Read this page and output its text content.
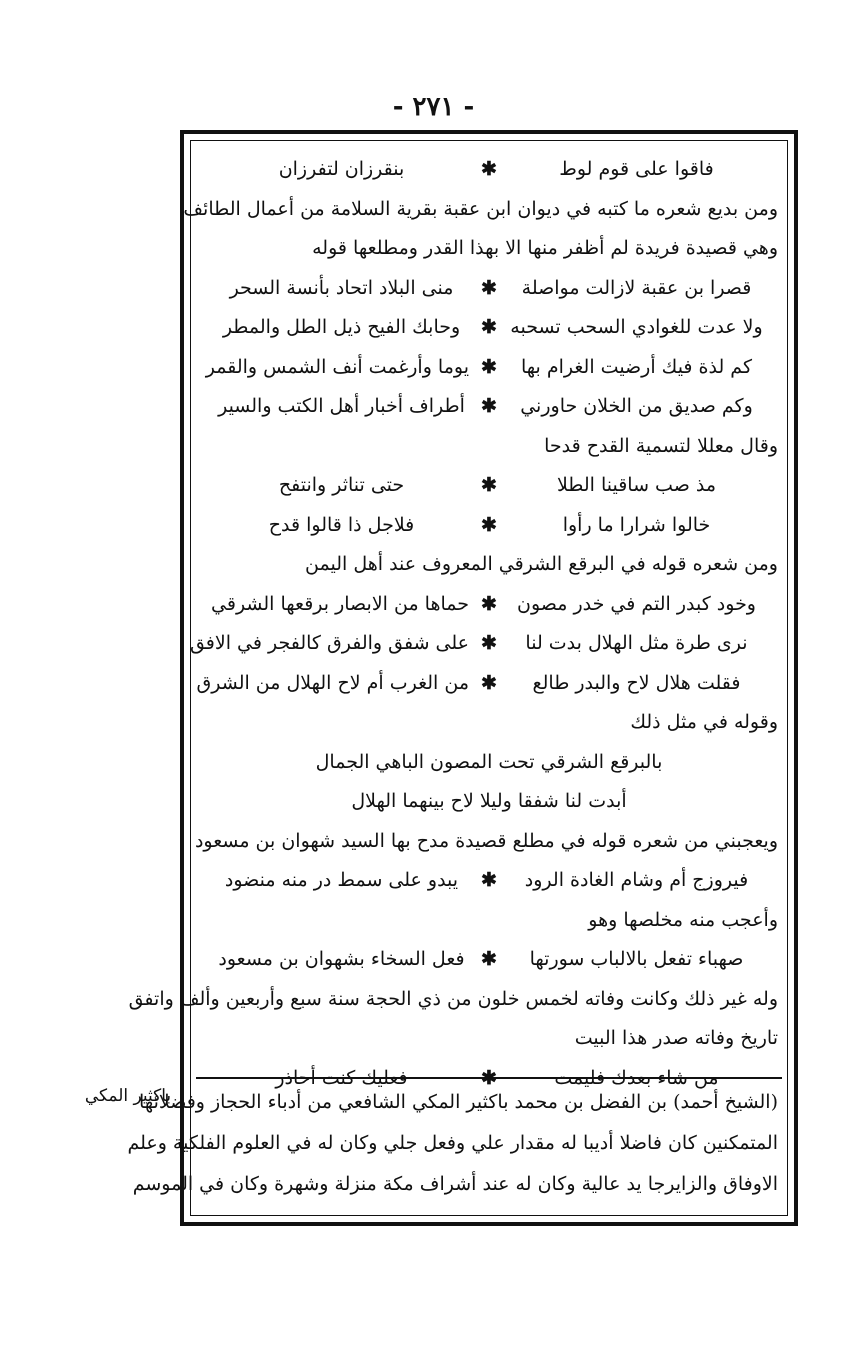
- ٢٧١ -
باكثير المكي
فاقوا على قوم لوط
✱
بنقرزان لتفرزان
ومن بديع شعره ما كتبه في ديوان ابن عقبة بقرية السلامة من أعمال الطائف
وهي قصيدة فريدة لم أظفر منها الا بهذا القدر ومطلعها قوله
قصرا بن عقبة لازالت مواصلة
✱
منى البلاد اتحاد بأنسة السحر
ولا عدت للغوادي السحب تسحبه
✱
وحابك الفيح ذيل الطل والمطر
كم لذة فيك أرضيت الغرام بها
✱
يوما وأرغمت أنف الشمس والقمر
وكم صديق من الخلان حاورني
✱
أطراف أخبار أهل الكتب والسير
وقال معللا لتسمية القدح قدحا
مذ صب ساقينا الطلا
✱
حتى تناثر وانتفح
خالوا شرارا ما رأوا
✱
فلاجل ذا قالوا قدح
ومن شعره قوله في البرقع الشرقي المعروف عند أهل اليمن
وخود كبدر التم في خدر مصون
✱
حماها من الابصار برقعها الشرقي
نرى طرة مثل الهلال بدت لنا
✱
على شفق والفرق كالفجر في الافق
فقلت هلال لاح والبدر طالع
✱
من الغرب أم لاح الهلال من الشرق
وقوله في مثل ذلك
بالبرقع الشرقي تحت المصون الباهي الجمال
أبدت لنا شفقا وليلا لاح بينهما الهلال
ويعجبني من شعره قوله في مطلع قصيدة مدح بها السيد شهوان بن مسعود
فيروزج أم وشام الغادة الرود
✱
يبدو على سمط در منه منضود
وأعجب منه مخلصها وهو
صهباء تفعل بالالباب سورتها
✱
فعل السخاء بشهوان بن مسعود
وله غير ذلك وكانت وفاته لخمس خلون من ذي الحجة سنة سبع وأربعين وألف واتفق
تاريخ وفاته صدر هذا البيت
من شاء بعدك فليمت
✱
فعليك كنت أحاذر
(الشيخ أحمد) بن الفضل بن محمد باكثير المكي الشافعي من أدباء الحجاز وفضلائها
المتمكنين كان فاضلا أديبا له مقدار علي وفعل جلي وكان له في العلوم الفلكية وعلم
الاوفاق والزايرجا يد عالية وكان له عند أشراف مكة منزلة وشهرة وكان في الموسم
